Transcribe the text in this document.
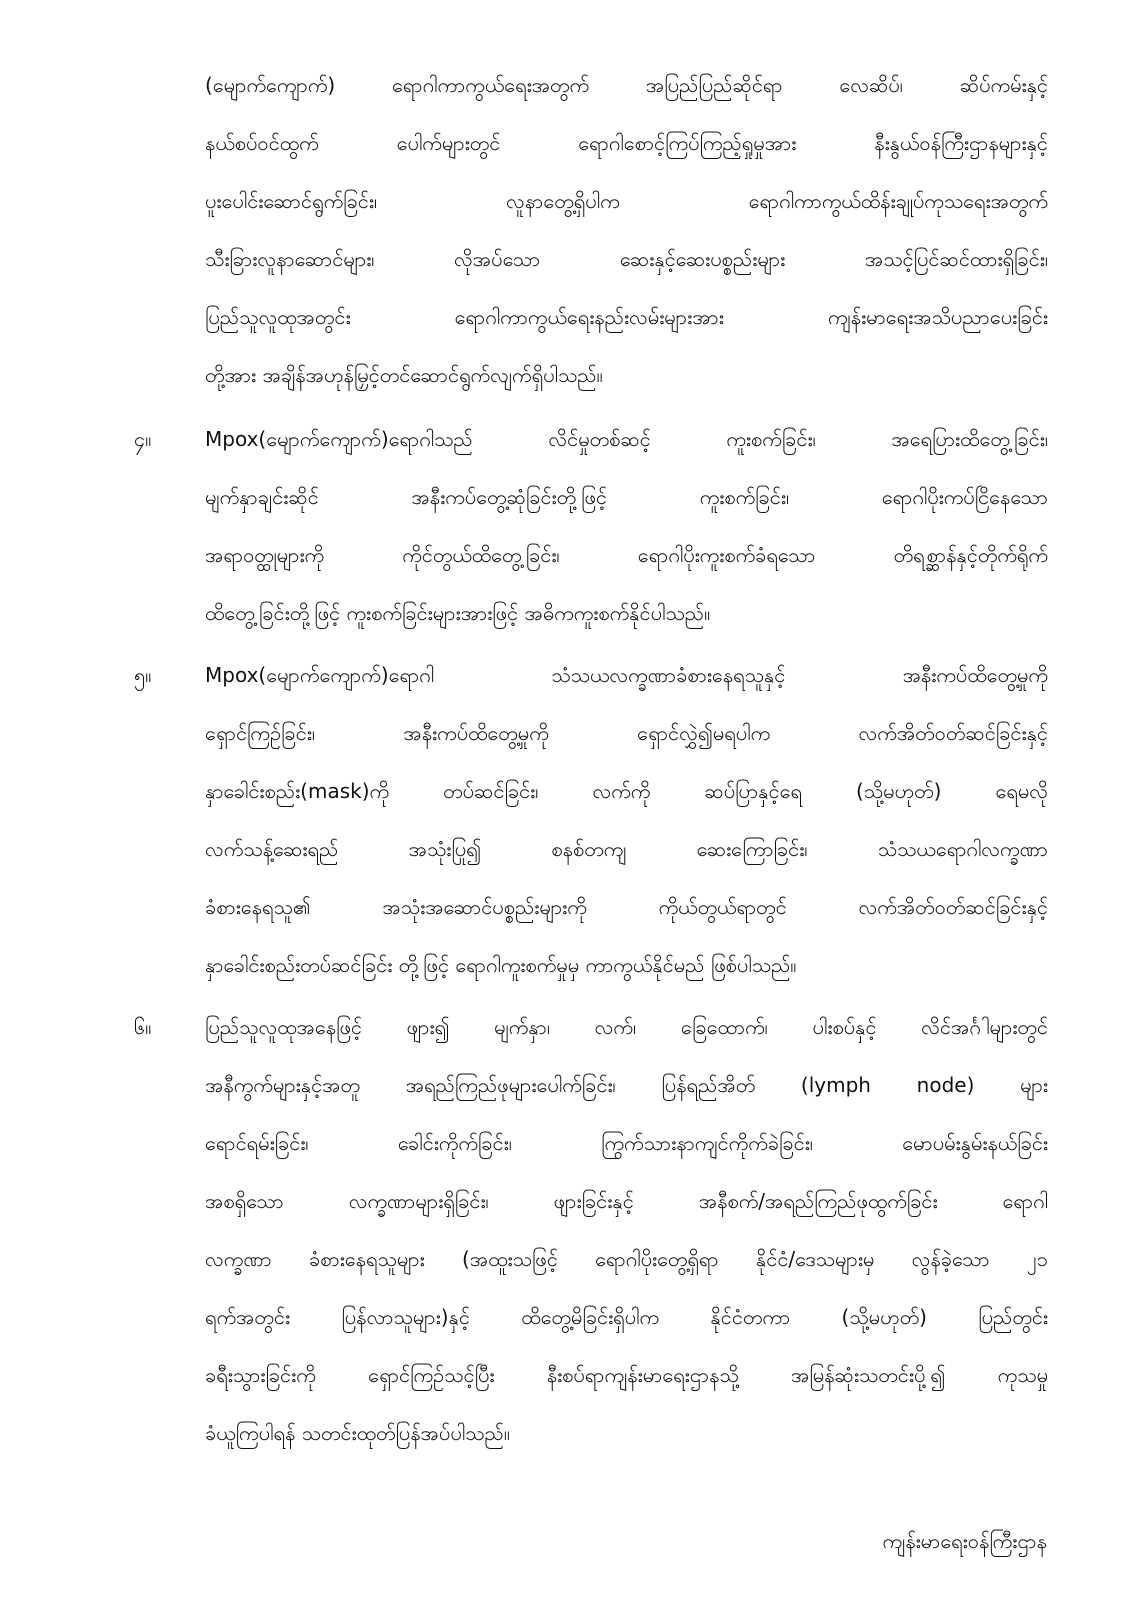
(မျောက်ကျောက်) ရောဂါကာကွယ်ရေးအတွက် အပြည်ပြည်ဆိုင်ရာ လေဆိပ်၊ ဆိပ်ကမ်းနှင့်
နယ်စပ်ဝင်ထွက် ပေါက်များတွင် ရောဂါစောင့်ကြပ်ကြည့်ရှုမှုအား နီးနွယ်ဝန်ကြီးဌာနများနှင့်
ပူးပေါင်းဆောင်ရွက်ခြင်း၊ လူနာတွေ့ရှိပါက ရောဂါကာကွယ်ထိန်းချုပ်ကုသရေးအတွက်
သီးခြားလူနာဆောင်များ၊ လိုအပ်သော ဆေးနှင့်ဆေးပစ္စည်းများ အသင့်ပြင်ဆင်ထားရှိခြင်း၊
ပြည်သူလူထုအတွင်း ရောဂါကာကွယ်ရေးနည်းလမ်းများအား ကျန်းမာရေးအသိပညာပေးခြင်း
တို့အား အချိန်အဟုန်မြှင့်တင်ဆောင်ရွက်လျက်ရှိပါသည်။
၄။	Mpox(မျောက်ကျောက်)ရောဂါသည် လိင်မှုတစ်ဆင့် ကူးစက်ခြင်း၊ အရေပြားထိတွေ့ခြင်း၊
မျက်နှာချင်းဆိုင် အနီးကပ်တွေ့ဆုံခြင်းတို့ဖြင့် ကူးစက်ခြင်း၊ ရောဂါပိုးကပ်ငြိနေသော
အရာဝတ္ထုများကို ကိုင်တွယ်ထိတွေ့ခြင်း၊ ရောဂါပိုးကူးစက်ခံရသော တိရစ္ဆာန်နှင့်တိုက်ရိုက်
ထိတွေ့ခြင်းတို့ဖြင့် ကူးစက်ခြင်းများအားဖြင့် အဓိကကူးစက်နိုင်ပါသည်။
၅။	Mpox(မျောက်ကျောက်)ရောဂါ သံသယလက္ခဏာခံစားနေရသူနှင့် အနီးကပ်ထိတွေ့မှုကို
ရှောင်ကြဉ်ခြင်း၊ အနီးကပ်ထိတွေ့မှုကို ရှောင်လွှဲ၍မရပါက လက်အိတ်ဝတ်ဆင်ခြင်းနှင့်
နှာခေါင်းစည်း(mask)ကို တပ်ဆင်ခြင်း၊ လက်ကို ဆပ်ပြာနှင့်ရေ (သို့မဟုတ်) ရေမလို
လက်သန့်ဆေးရည် အသုံးပြု၍ စနစ်တကျ ဆေးကြောခြင်း၊ သံသယရောဂါလက္ခဏာ
ခံစားနေရသူ၏ အသုံးအဆောင်ပစ္စည်းများကို ကိုယ်တွယ်ရာတွင် လက်အိတ်ဝတ်ဆင်ခြင်းနှင့်
နှာခေါင်းစည်းတပ်ဆင်ခြင်း တို့ဖြင့် ရောဂါကူးစက်မှုမှ ကာကွယ်နိုင်မည် ဖြစ်ပါသည်။
၆။	ပြည်သူလူထုအနေဖြင့် ဖျား၍ မျက်နှာ၊ လက်၊ ခြေထောက်၊ ပါးစပ်နှင့် လိင်အင်္ဂါများတွင်
အနီကွက်များနှင့်အတူ အရည်ကြည်ဖုများပေါက်ခြင်း၊ ပြန်ရည်အိတ် (lymph node) များ
ရောင်ရမ်းခြင်း၊ ခေါင်းကိုက်ခြင်း၊ ကြွက်သားနာကျင်ကိုက်ခဲခြင်း၊ မောပမ်းနွမ်းနယ်ခြင်း
အစရှိသော လက္ခဏာများရှိခြင်း၊ ဖျားခြင်းနှင့် အနီစက်/အရည်ကြည်ဖုထွက်ခြင်း ရောဂါ
လက္ခဏာ ခံစားနေရသူများ (အထူးသဖြင့် ရောဂါပိုးတွေ့ရှိရာ နိုင်ငံ/ဒေသများမှ လွန်ခဲ့သော ၂၁
ရက်အတွင်း ပြန်လာသူများ)နှင့် ထိတွေ့မိခြင်းရှိပါက နိုင်ငံတကာ (သို့မဟုတ်) ပြည်တွင်း
ခရီးသွားခြင်းကို ရှောင်ကြဉ်သင့်ပြီး နီးစပ်ရာကျန်းမာရေးဌာနသို့ အမြန်ဆုံးသတင်းပို့၍ ကုသမှု
ခံယူကြပါရန် သတင်းထုတ်ပြန်အပ်ပါသည်။
ကျန်းမာရေးဝန်ကြီးဌာန
